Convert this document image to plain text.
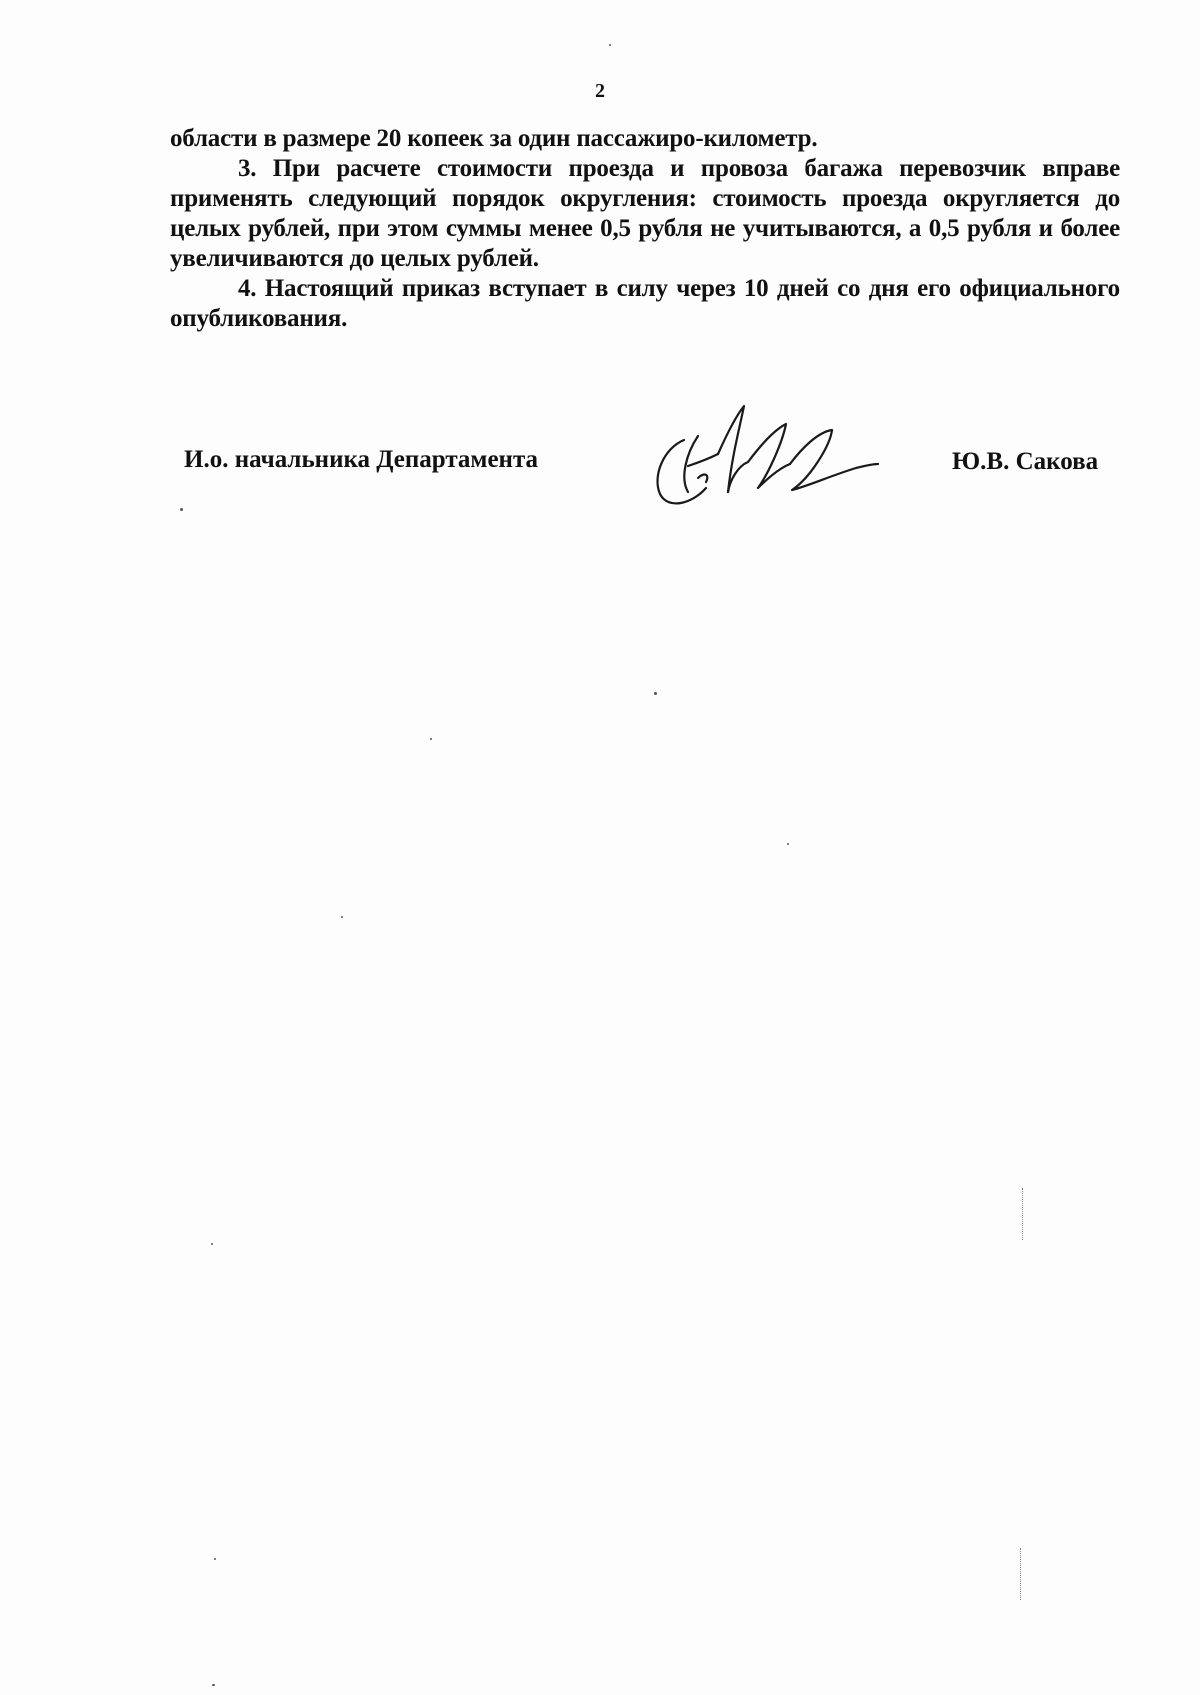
2

области в размере 20 копеек за один пассажиро-километр.

3. При расчете стоимости проезда и провоза багажа перевозчик вправе применять следующий порядок округления: стоимость проезда округляется до целых рублей, при этом суммы менее 0,5 рубля не учитываются, а 0,5 рубля и более увеличиваются до целых рублей.

4. Настоящий приказ вступает в силу через 10 дней со дня его официального опубликования.

И.о. начальника Департамента	Ю.В. Сакова
